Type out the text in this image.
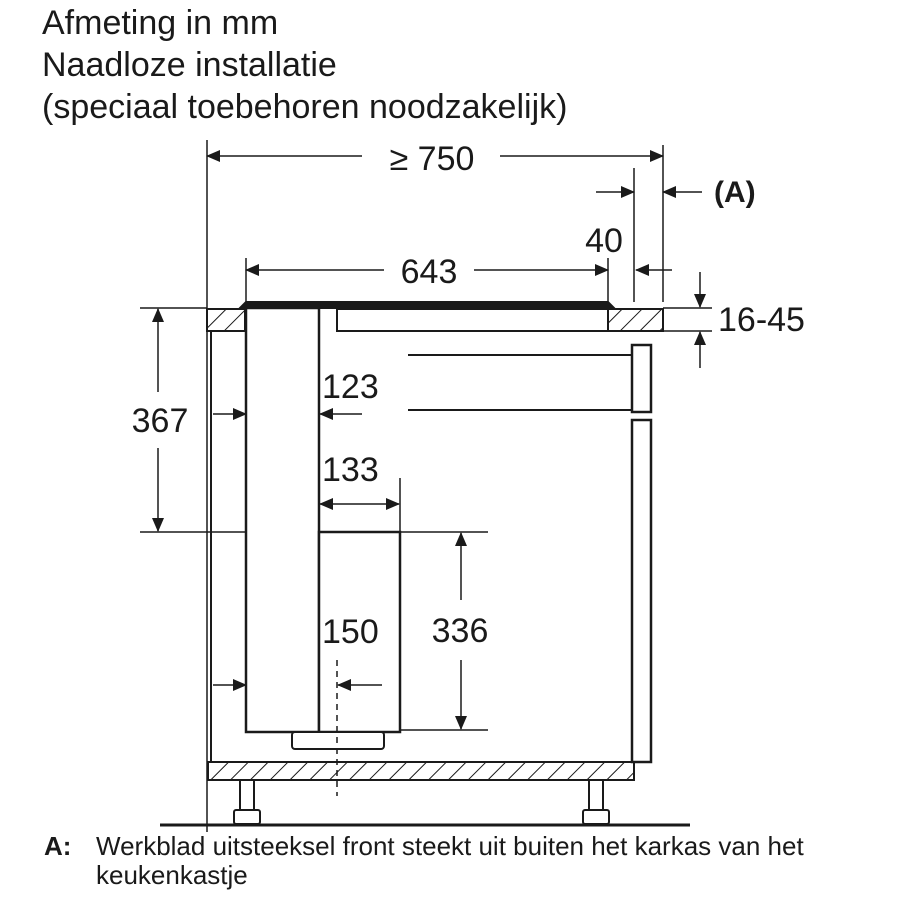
Afmeting in mm
Naadloze installatie
(speciaal toebehoren noodzakelijk)
≥ 750
(A)
40
643
16-45
367
123
133
336
150
A: Werkblad uitsteeksel front steekt uit buiten het karkas van het keukenkastje
